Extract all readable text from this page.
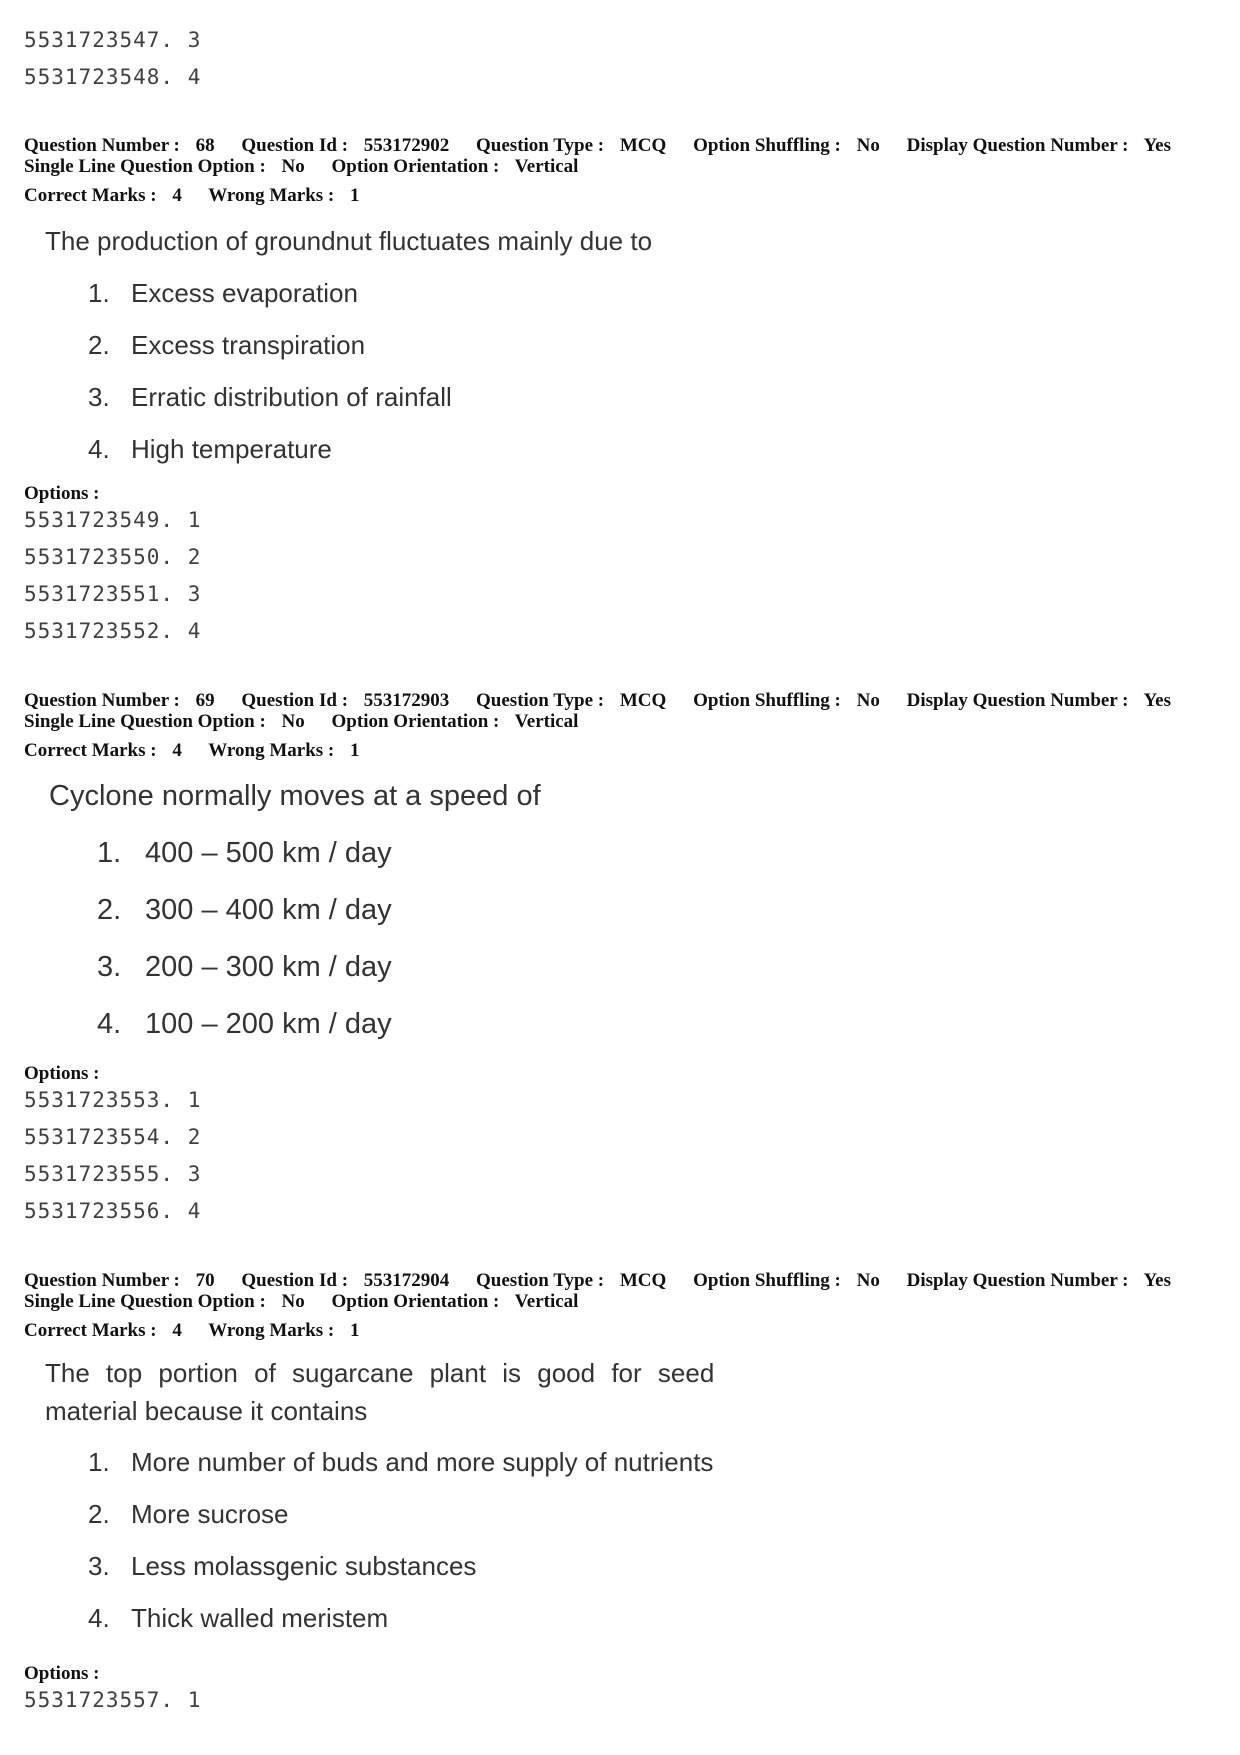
5531723547. 3
5531723548. 4
Question Number : 68 Question Id : 553172902 Question Type : MCQ Option Shuffling : No Display Question Number : Yes
Single Line Question Option : No Option Orientation : Vertical
Correct Marks : 4 Wrong Marks : 1
The production of groundnut fluctuates mainly due to
1. Excess evaporation
2. Excess transpiration
3. Erratic distribution of rainfall
4. High temperature
Options :
5531723549. 1
5531723550. 2
5531723551. 3
5531723552. 4
Question Number : 69 Question Id : 553172903 Question Type : MCQ Option Shuffling : No Display Question Number : Yes
Single Line Question Option : No Option Orientation : Vertical
Correct Marks : 4 Wrong Marks : 1
Cyclone normally moves at a speed of
1. 400 – 500 km / day
2. 300 – 400 km / day
3. 200 – 300 km / day
4. 100 – 200 km / day
Options :
5531723553. 1
5531723554. 2
5531723555. 3
5531723556. 4
Question Number : 70 Question Id : 553172904 Question Type : MCQ Option Shuffling : No Display Question Number : Yes
Single Line Question Option : No Option Orientation : Vertical
Correct Marks : 4 Wrong Marks : 1
The top portion of sugarcane plant is good for seed
material because it contains
1. More number of buds and more supply of nutrients
2. More sucrose
3. Less molassgenic substances
4. Thick walled meristem
Options :
5531723557. 1
